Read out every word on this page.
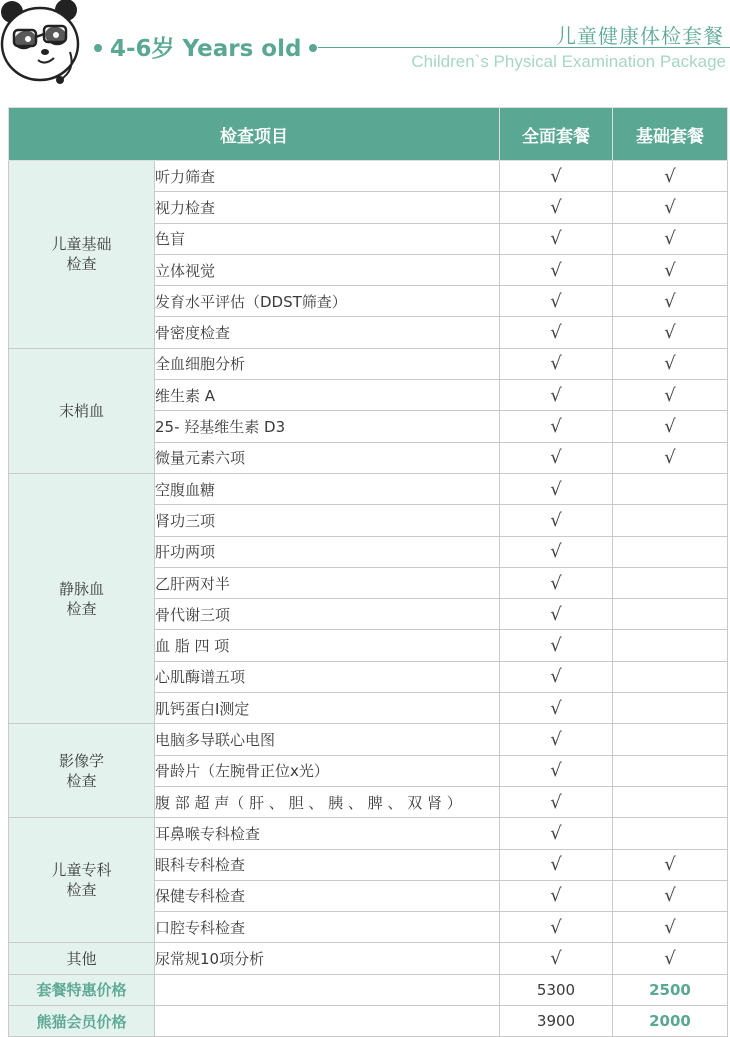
4-6岁 Years old	儿童健康体检套餐
Children`s Physical Examination Package
检查项目		全面套餐	基础套餐
儿童基础
检查	听力筛查	√	√
	视力检查	√	√
	色盲	√	√
	立体视觉	√	√
	发育水平评估（DDST筛查）	√	√
	骨密度检查	√	√
末梢血	全血细胞分析	√	√
	维生素 A	√	√
	25- 羟基维生素 D3	√	√
	微量元素六项	√	√
静脉血
检查	空腹血糖	√	
	肾功三项	√	
	肝功两项	√	
	乙肝两对半	√	
	骨代谢三项	√	
	血 脂 四 项	√	
	心肌酶谱五项	√	
	肌钙蛋白I测定	√	
影像学
检查	电脑多导联心电图	√	
	骨龄片（左腕骨正位x光）	√	
	腹 部 超 声（ 肝 、 胆 、 胰 、 脾 、 双 肾 ）	√	
儿童专科
检查	耳鼻喉专科检查	√	
	眼科专科检查	√	√
	保健专科检查	√	√
	口腔专科检查	√	√
其他	尿常规10项分析	√	√
套餐特惠价格		5300	2500
熊猫会员价格		3900	2000
